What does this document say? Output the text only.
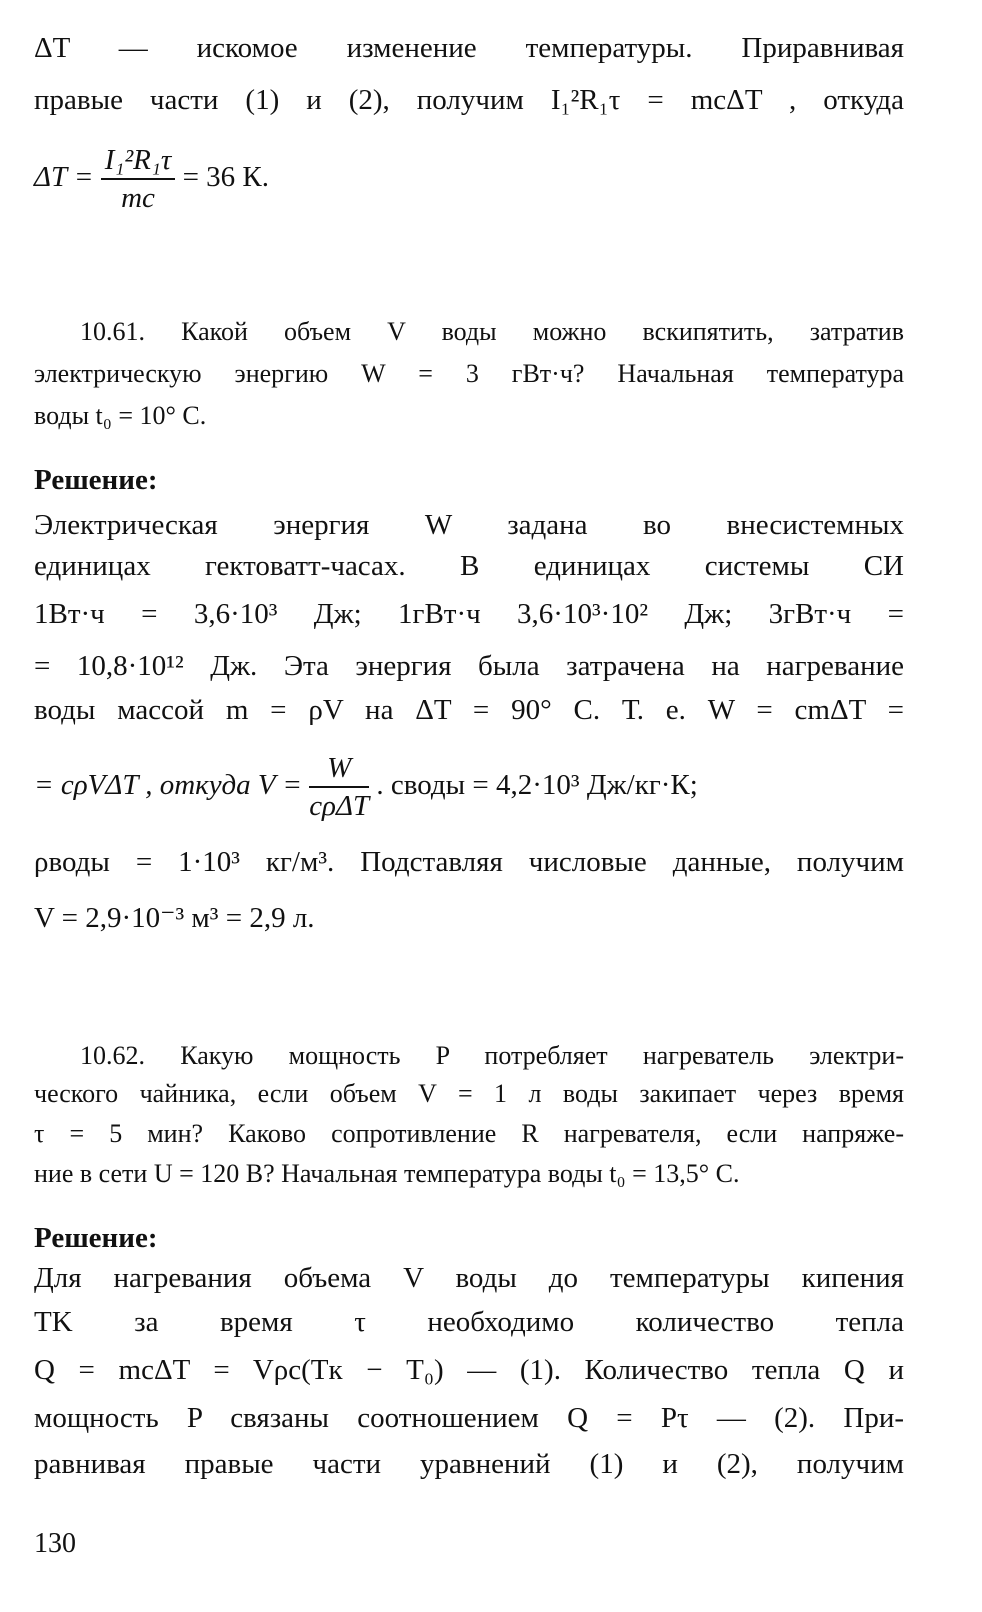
ΔT — искомое изменение температуры. Приравнивая
правые части (1) и (2), получим I₁²R₁τ = mcΔT , откуда
$\Delta T = \frac{\text{I₁²R₁τ}}{mc} = 36$ К.
10.61. Какой объем V воды можно вскипятить, затратив
электрическую энергию W = 3 гВт·ч? Начальная температура
воды t₀ = 10° С.
Решение:
Электрическая энергия W задана во внесистемных
единицах гектоватт-часах. В единицах системы СИ
1Вт·ч = 3,6·10³ Дж; 1гВт·ч 3,6·10³·10² Дж; 3гВт·ч =
= 10,8·10¹² Дж. Эта энергия была затрачена на нагревание
воды массой m = ρV на ΔT = 90° С. Т. е. W = cmΔT =
= cρVΔT , откуда $V = \frac{W}{\text{cρΔT}}$ . cводы = 4,2·10³ Дж/кг·К;
ρводы = 1·10³ кг/м³. Подставляя числовые данные, получим
V = 2,9·10⁻³ м³ = 2,9 л.
10.62. Какую мощность P потребляет нагреватель электри-
ческого чайника, если объем V = 1 л воды закипает через время
τ = 5 мин? Каково сопротивление R нагревателя, если напряже-
ние в сети U = 120 В? Начальная температура воды t₀ = 13,5° С.
Решение:
Для нагревания объема V воды до температуры кипения
TK за время τ необходимо количество тепла
Q = mcΔT = Vρc(Tк − T₀) — (1). Количество тепла Q и
мощность P связаны соотношением Q = Pτ — (2). При-
равнивая правые части уравнений (1) и (2), получим
130
